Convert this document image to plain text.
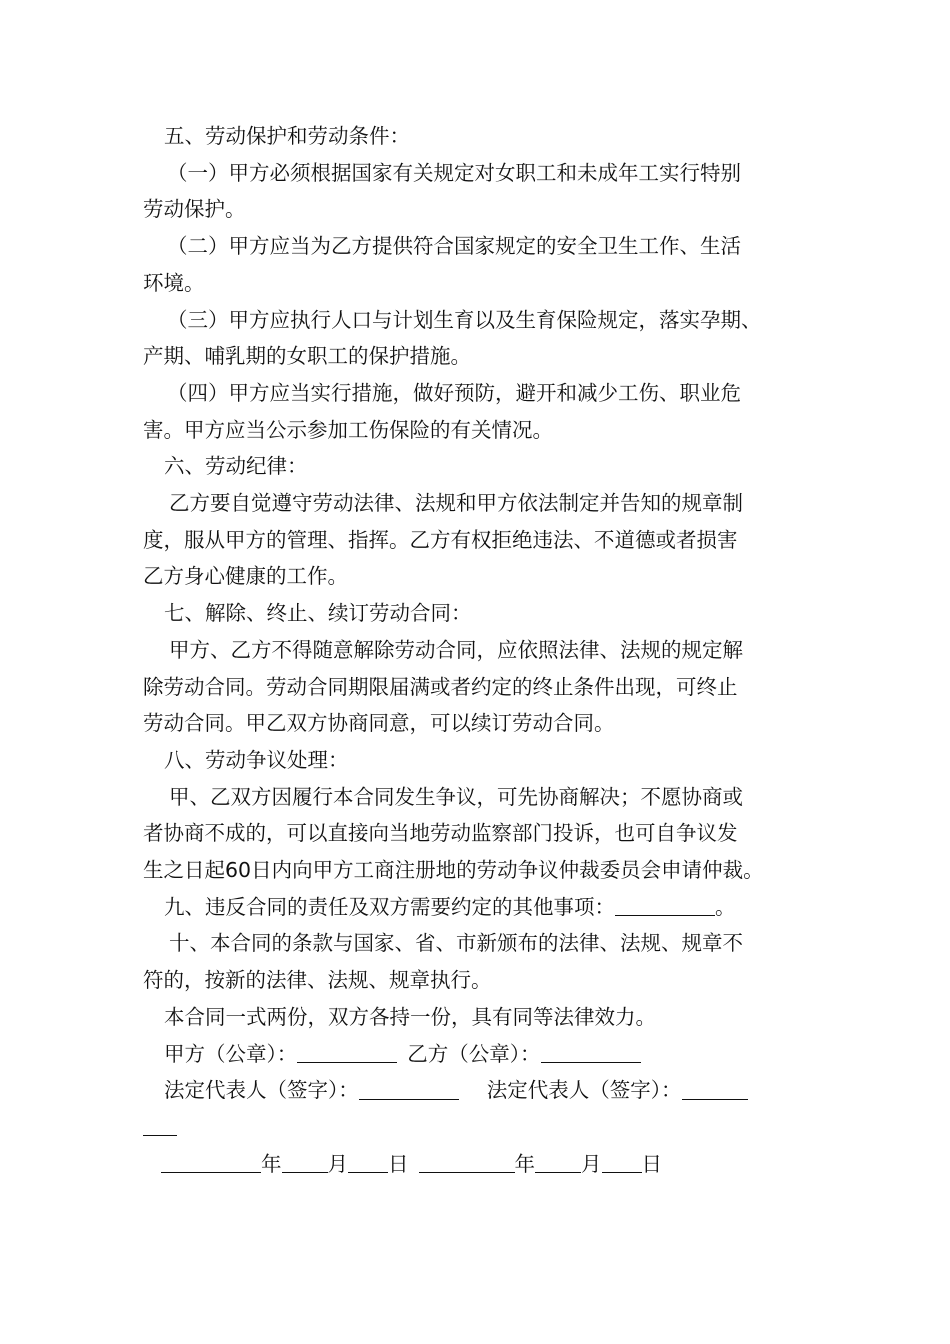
五、劳动保护和劳动条件：

（一）甲方必须根据国家有关规定对女职工和未成年工实行特别

劳动保护。

（二）甲方应当为乙方提供符合国家规定的安全卫生工作、生活

环境。

（三）甲方应执行人口与计划生育以及生育保险规定，落实孕期、

产期、哺乳期的女职工的保护措施。

（四）甲方应当实行措施，做好预防，避开和减少工伤、职业危

害。甲方应当公示参加工伤保险的有关情况。

六、劳动纪律：

乙方要自觉遵守劳动法律、法规和甲方依法制定并告知的规章制

度，服从甲方的管理、指挥。乙方有权拒绝违法、不道德或者损害

乙方身心健康的工作。

七、解除、终止、续订劳动合同：

甲方、乙方不得随意解除劳动合同，应依照法律、法规的规定解

除劳动合同。劳动合同期限届满或者约定的终止条件出现，可终止

劳动合同。甲乙双方协商同意，可以续订劳动合同。

八、劳动争议处理：

甲、乙双方因履行本合同发生争议，可先协商解决；不愿协商或

者协商不成的，可以直接向当地劳动监察部门投诉，也可自争议发

生之日起60日内向甲方工商注册地的劳动争议仲裁委员会申请仲裁。

九、违反合同的责任及双方需要约定的其他事项：	。

十、本合同的条款与国家、省、市新颁布的法律、法规、规章不

符的，按新的法律、法规、规章执行。

本合同一式两份，双方各持一份，具有同等法律效力。

甲方（公章）：	乙方（公章）：

法定代表人（签字）：	法定代表人（签字）：

年 月 日	年 月 日
